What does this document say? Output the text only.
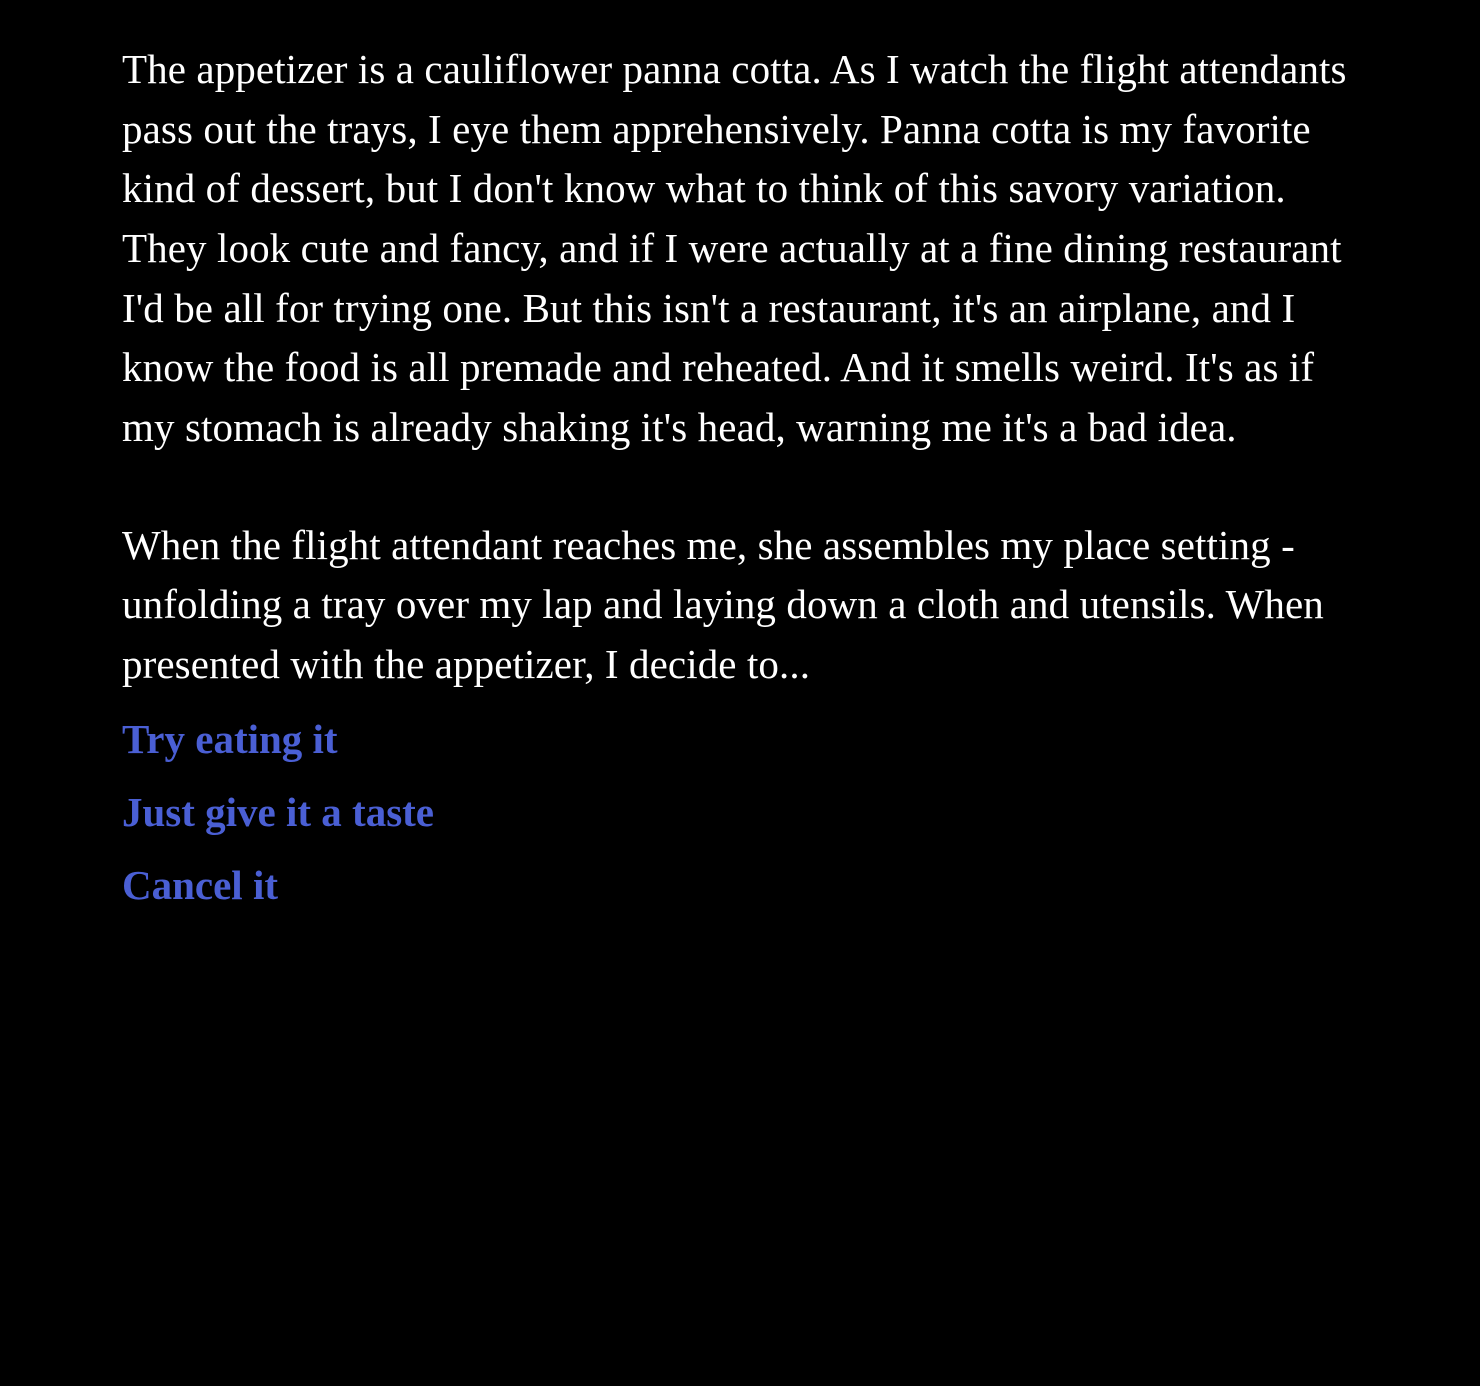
The appetizer is a cauliflower panna cotta. As I watch the flight attendants pass out the trays, I eye them apprehensively. Panna cotta is my favorite kind of dessert, but I don't know what to think of this savory variation. They look cute and fancy, and if I were actually at a fine dining restaurant I'd be all for trying one. But this isn't a restaurant, it's an airplane, and I know the food is all premade and reheated. And it smells weird. It's as if my stomach is already shaking it's head, warning me it's a bad idea.

When the flight attendant reaches me, she assembles my place setting - unfolding a tray over my lap and laying down a cloth and utensils. When presented with the appetizer, I decide to...

Try eating it
Just give it a taste
Cancel it
